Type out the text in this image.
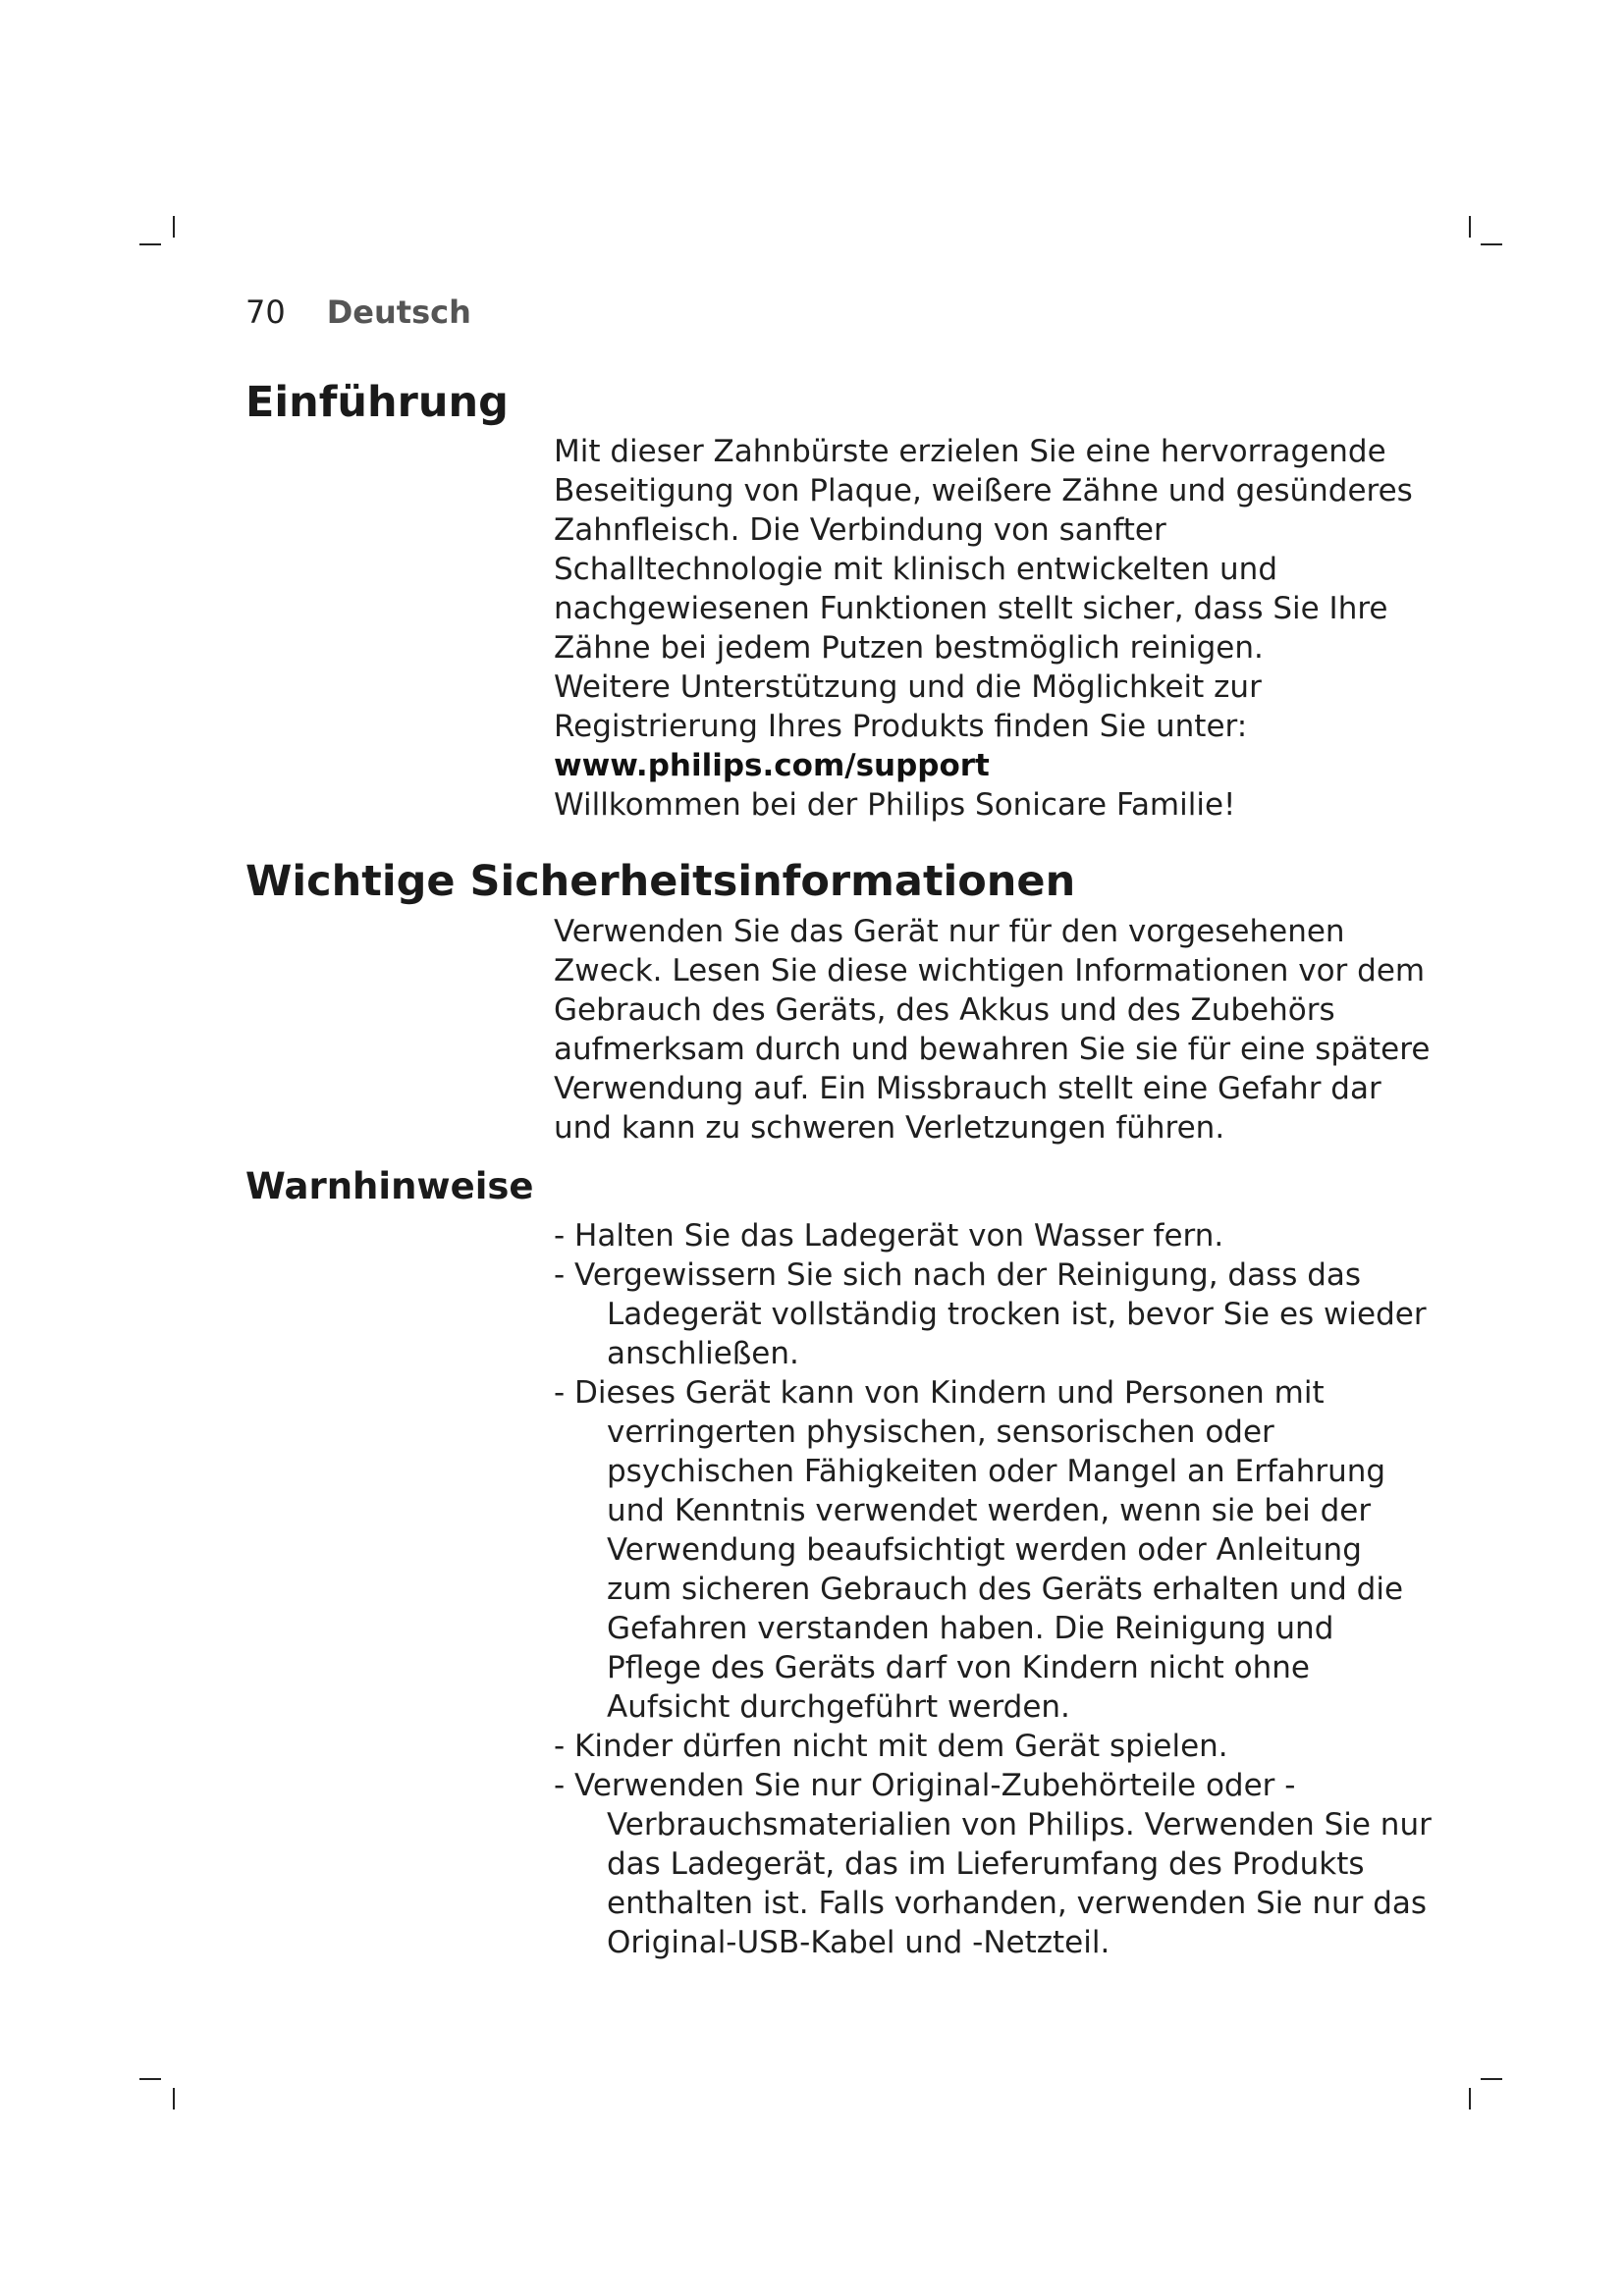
70 Deutsch
Einführung

Mit dieser Zahnbürste erzielen Sie eine hervorragende

Beseitigung von Plaque, weißere Zähne und gesünderes

Zahnfleisch. Die Verbindung von sanfter

Schalltechnologie mit klinisch entwickelten und

nachgewiesenen Funktionen stellt sicher, dass Sie Ihre

Zähne bei jedem Putzen bestmöglich reinigen.

Weitere Unterstützung und die Möglichkeit zur

Registrierung Ihres Produkts finden Sie unter:

www.philips.com/support

Willkommen bei der Philips Sonicare Familie!

Wichtige Sicherheitsinformationen

Verwenden Sie das Gerät nur für den vorgesehenen

Zweck. Lesen Sie diese wichtigen Informationen vor dem

Gebrauch des Geräts, des Akkus und des Zubehörs

aufmerksam durch und bewahren Sie sie für eine spätere

Verwendung auf. Ein Missbrauch stellt eine Gefahr dar

und kann zu schweren Verletzungen führen.

Warnhinweise
- Halten Sie das Ladegerät von Wasser fern.
- Vergewissern Sie sich nach der Reinigung, dass das
Ladegerät vollständig trocken ist, bevor Sie es wieder
anschließen.
- Dieses Gerät kann von Kindern und Personen mit
verringerten physischen, sensorischen oder
psychischen Fähigkeiten oder Mangel an Erfahrung
und Kenntnis verwendet werden, wenn sie bei der
Verwendung beaufsichtigt werden oder Anleitung
zum sicheren Gebrauch des Geräts erhalten und die
Gefahren verstanden haben. Die Reinigung und
Pflege des Geräts darf von Kindern nicht ohne
Aufsicht durchgeführt werden.
- Kinder dürfen nicht mit dem Gerät spielen.
- Verwenden Sie nur Original-Zubehörteile oder -
Verbrauchsmaterialien von Philips. Verwenden Sie nur
das Ladegerät, das im Lieferumfang des Produkts
enthalten ist. Falls vorhanden, verwenden Sie nur das
Original-USB-Kabel und -Netzteil.
